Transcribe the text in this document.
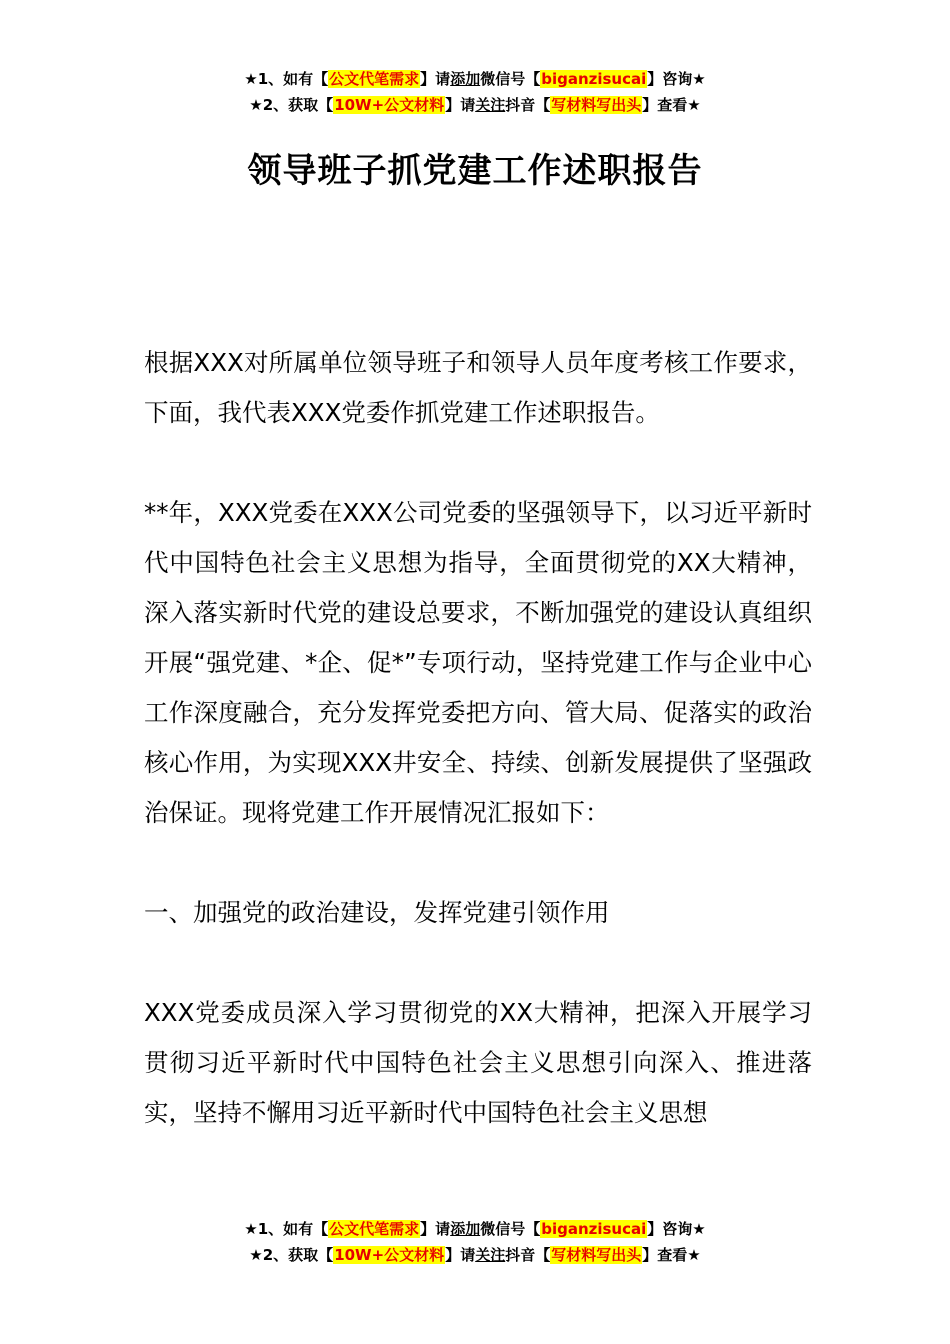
★1、如有【公文代笔需求】请添加微信号【biganzisucai】咨询★
★2、获取【10W+公文材料】请关注抖音【写材料写出头】查看★
领导班子抓党建工作述职报告

根据XXX对所属单位领导班子和领导人员年度考核工作要求，下面，我代表XXX党委作抓党建工作述职报告。

**年，XXX党委在XXX公司党委的坚强领导下，以习近平新时代中国特色社会主义思想为指导，全面贯彻党的XX大精神，深入落实新时代党的建设总要求，不断加强党的建设认真组织开展“强党建、*企、促*”专项行动，坚持党建工作与企业中心工作深度融合，充分发挥党委把方向、管大局、促落实的政治核心作用，为实现XXX井安全、持续、创新发展提供了坚强政治保证。现将党建工作开展情况汇报如下：

一、加强党的政治建设，发挥党建引领作用

XXX党委成员深入学习贯彻党的XX大精神，把深入开展学习贯彻习近平新时代中国特色社会主义思想引向深入、推进落实，坚持不懈用习近平新时代中国特色社会主义思想

★1、如有【公文代笔需求】请添加微信号【biganzisucai】咨询★
★2、获取【10W+公文材料】请关注抖音【写材料写出头】查看★
